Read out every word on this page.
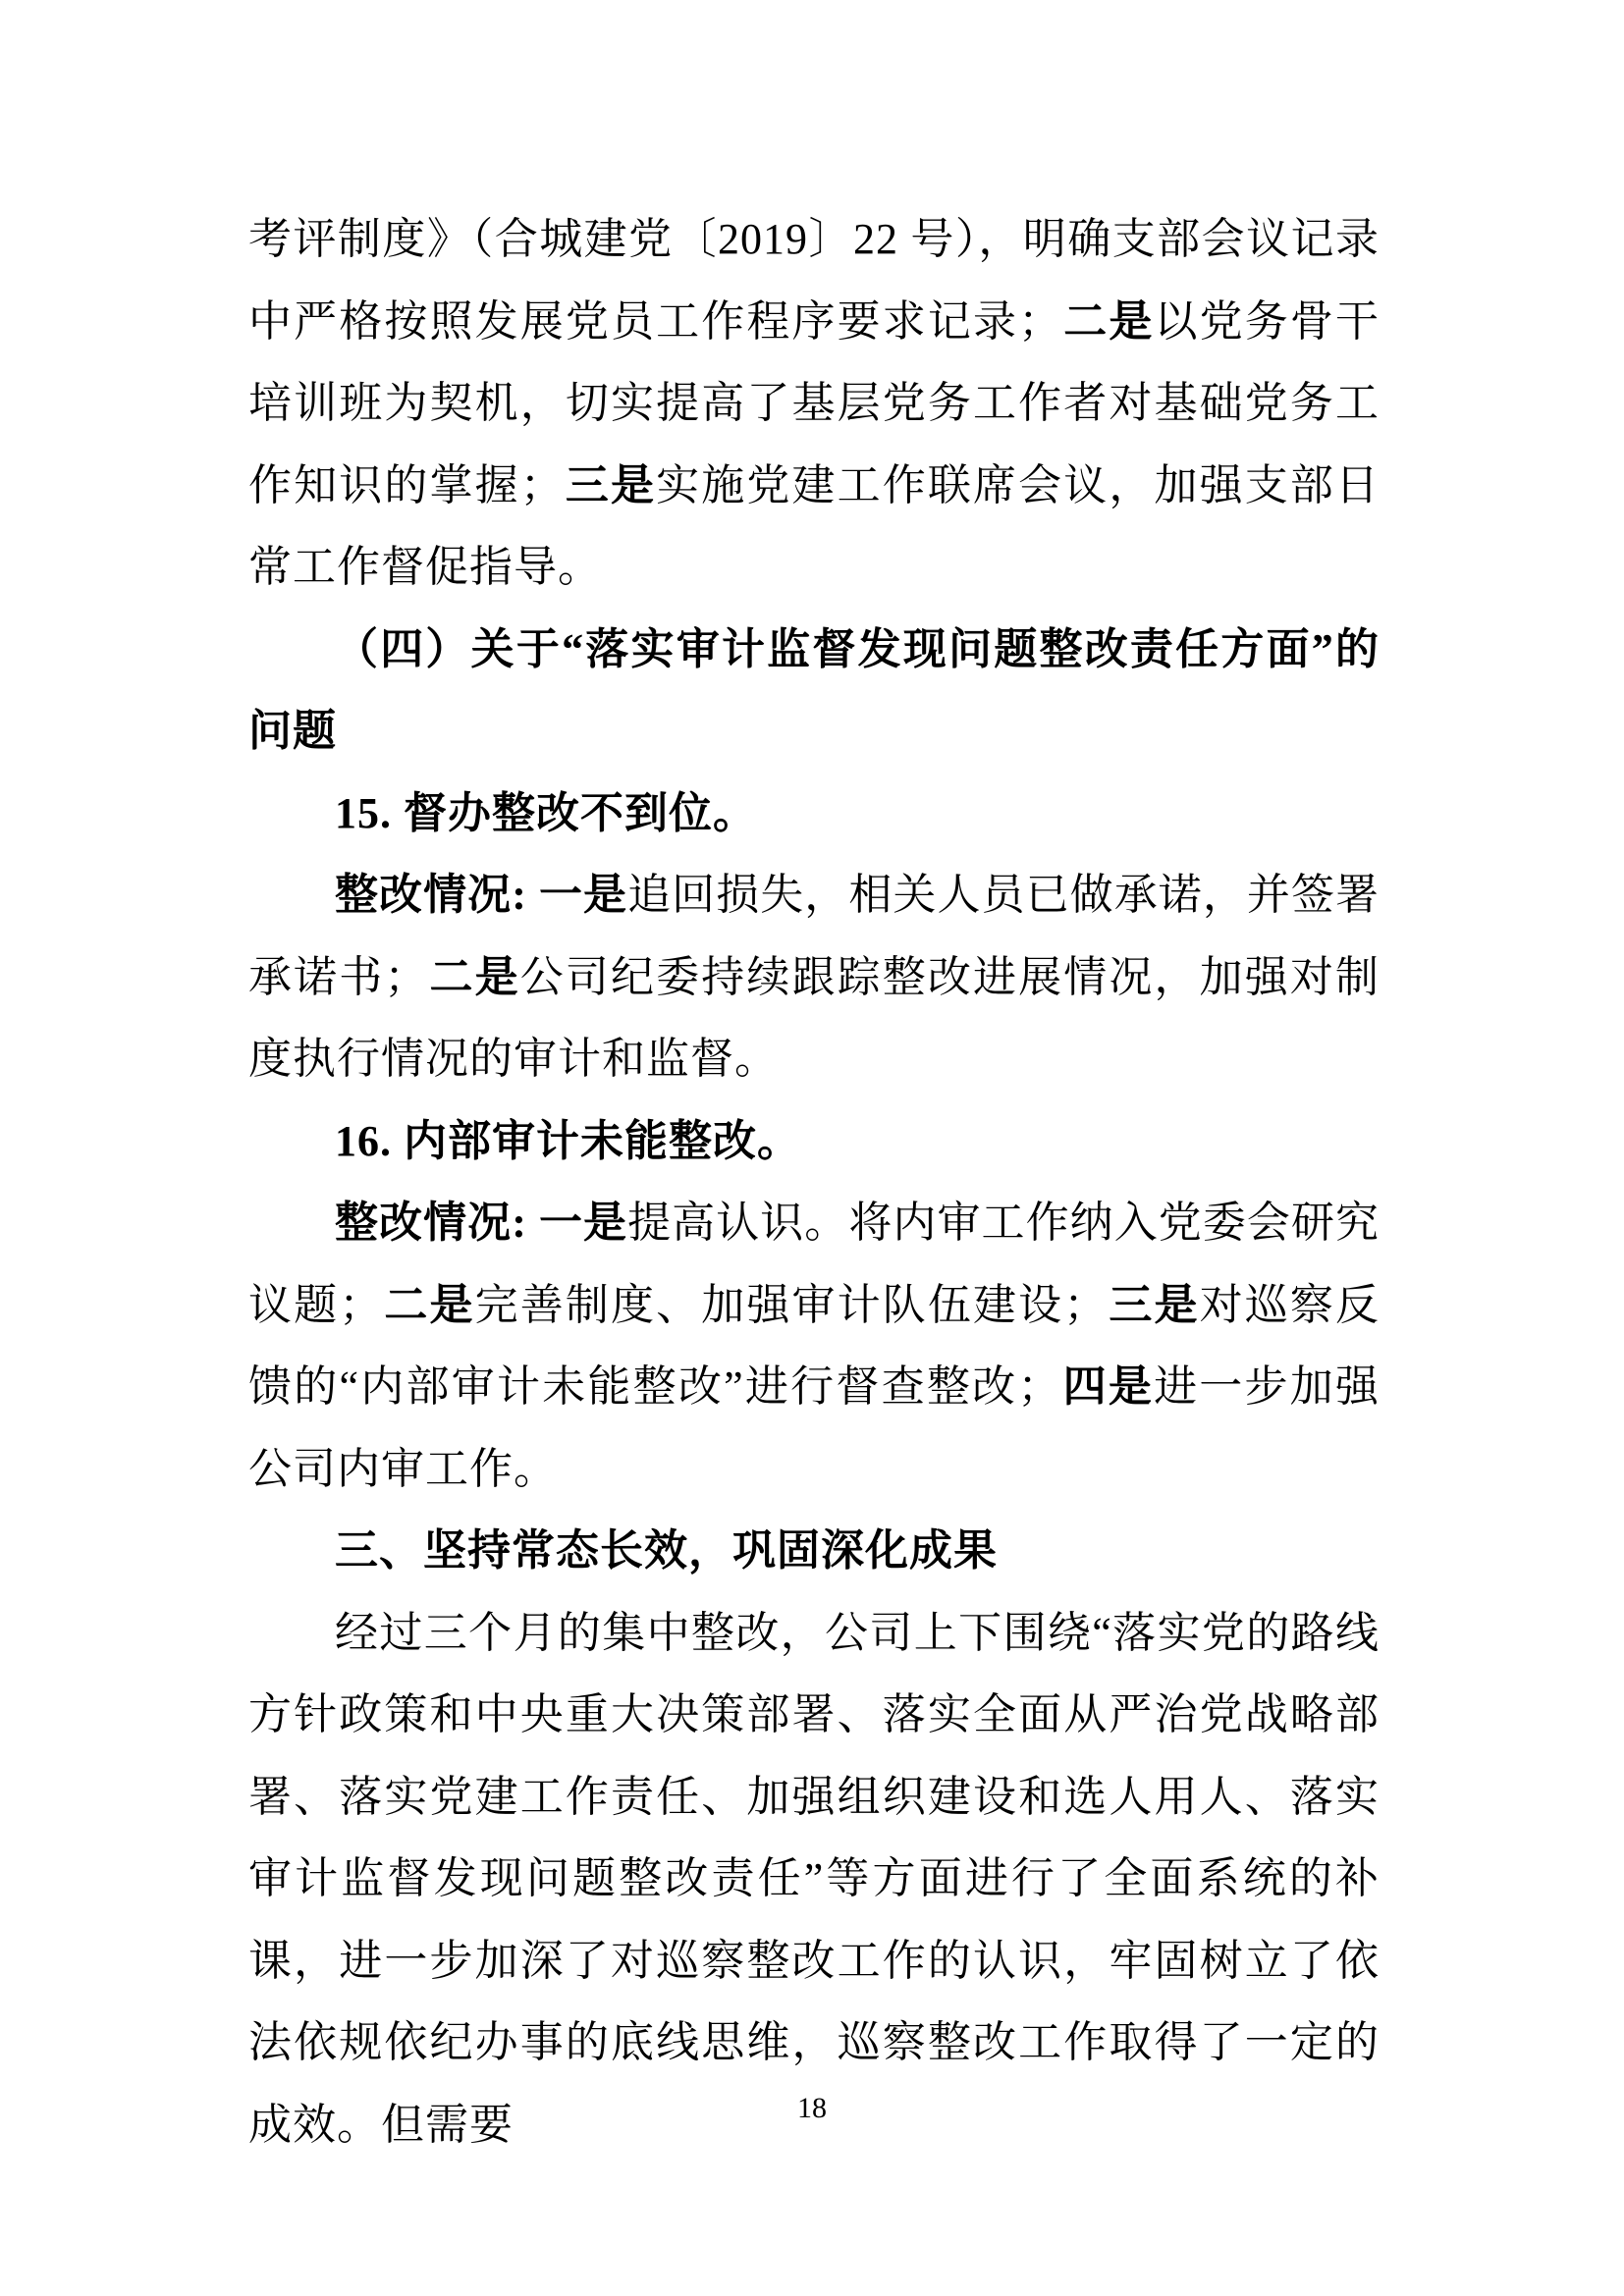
考评制度》（合城建党〔2019〕22 号），明确支部会议记录中严格按照发展党员工作程序要求记录；二是以党务骨干培训班为契机，切实提高了基层党务工作者对基础党务工作知识的掌握；三是实施党建工作联席会议，加强支部日常工作督促指导。

（四）关于“落实审计监督发现问题整改责任方面”的问题

15. 督办整改不到位。

整改情况: 一是追回损失，相关人员已做承诺，并签署承诺书；二是公司纪委持续跟踪整改进展情况，加强对制度执行情况的审计和监督。

16. 内部审计未能整改。

整改情况: 一是提高认识。将内审工作纳入党委会研究议题；二是完善制度、加强审计队伍建设；三是对巡察反馈的“内部审计未能整改”进行督查整改；四是进一步加强公司内审工作。

三、坚持常态长效，巩固深化成果

经过三个月的集中整改，公司上下围绕“落实党的路线方针政策和中央重大决策部署、落实全面从严治党战略部署、落实党建工作责任、加强组织建设和选人用人、落实审计监督发现问题整改责任”等方面进行了全面系统的补课，进一步加深了对巡察整改工作的认识，牢固树立了依法依规依纪办事的底线思维，巡察整改工作取得了一定的成效。但需要	18
